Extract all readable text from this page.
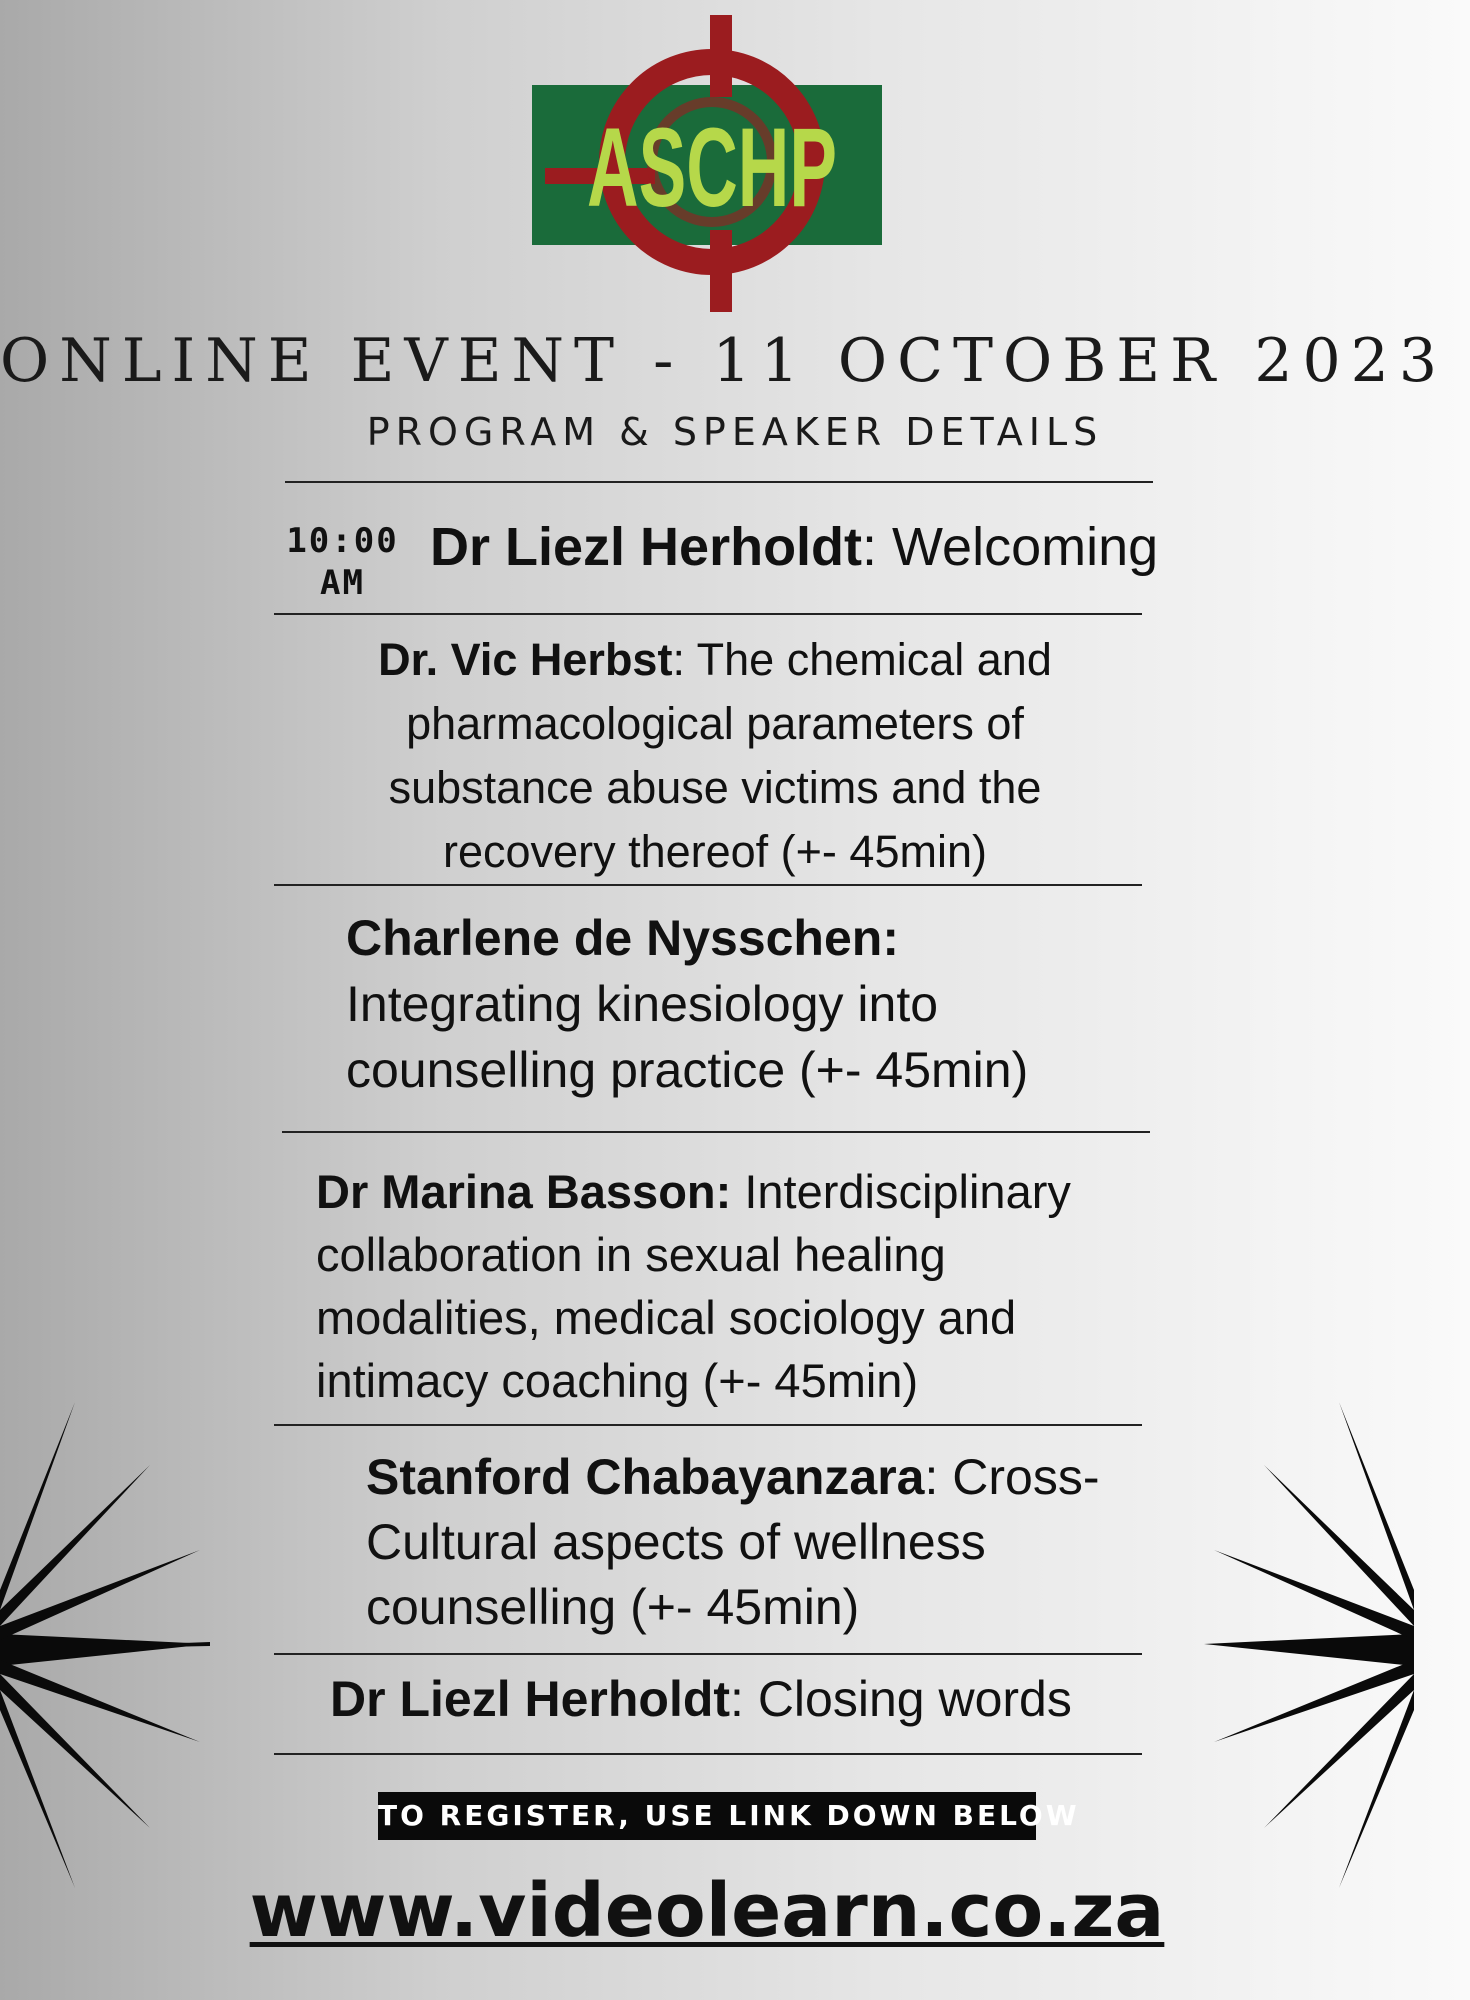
ASCHP
ONLINE EVENT - 11 OCTOBER 2023
PROGRAM & SPEAKER DETAILS
10:00
AM
Dr Liezl Herholdt: Welcoming
Dr. Vic Herbst: The chemical and pharmacological parameters of substance abuse victims and the recovery thereof (+- 45min)
Charlene de Nysschen: Integrating kinesiology into counselling practice (+- 45min)
Dr Marina Basson: Interdisciplinary collaboration in sexual healing modalities, medical sociology and intimacy coaching (+- 45min)
Stanford Chabayanzara: Cross-Cultural aspects of wellness counselling (+- 45min)
Dr Liezl Herholdt: Closing words
TO REGISTER, USE LINK DOWN BELOW
www.videolearn.co.za
